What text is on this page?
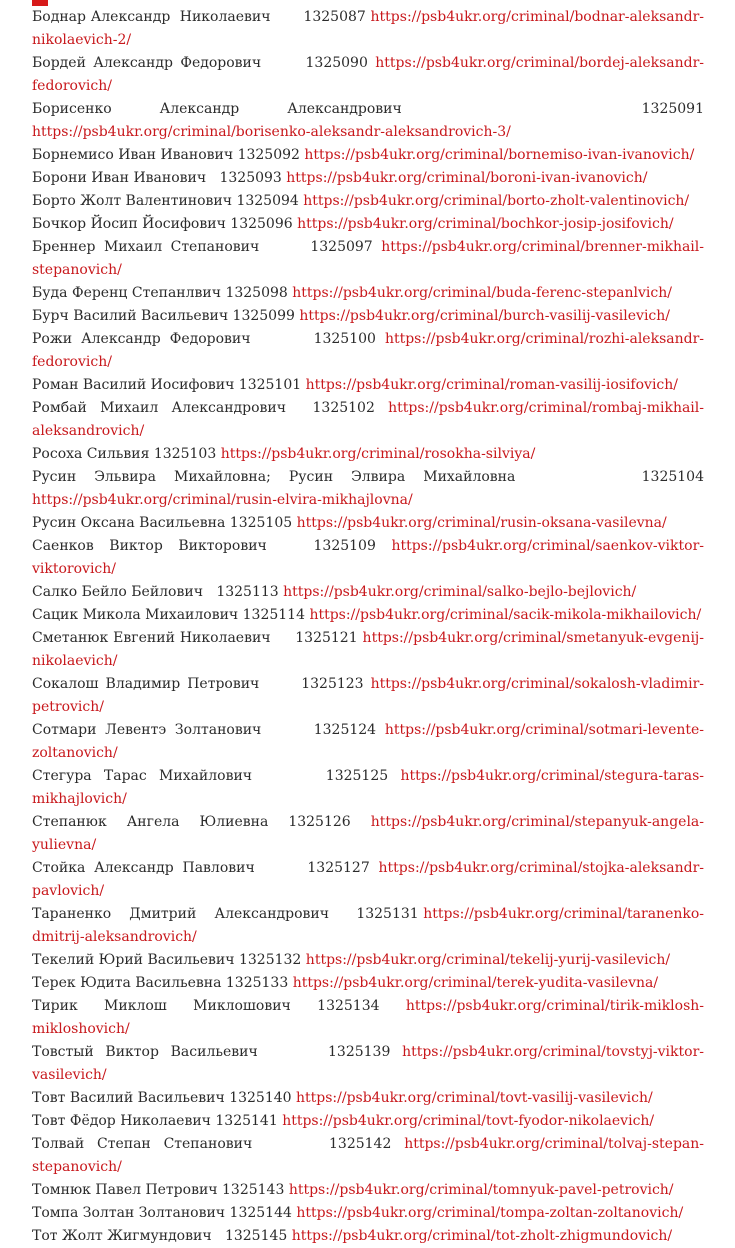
Боднар Александр  Николаевич 1325087 https://psb4ukr.org/criminal/bodnar-aleksandr-nikolaevich-2/

Бордей Александр Федорович	1325090 https://psb4ukr.org/criminal/bordej-aleksandr-fedorovich/

Борисенко  Александр  Александрович	1325091 https://psb4ukr.org/criminal/borisenko-aleksandr-aleksandrovich-3/

Борнемисо Иван Иванович 1325092 https://psb4ukr.org/criminal/bornemiso-ivan-ivanovich/

Борони Иван Иванович 1325093 https://psb4ukr.org/criminal/boroni-ivan-ivanovich/

Борто Жолт Валентинович 1325094 https://psb4ukr.org/criminal/borto-zholt-valentinovich/

Бочкор Йосип Йосифович 1325096 https://psb4ukr.org/criminal/bochkor-josip-josifovich/

Бреннер Михаил Степанович	1325097 https://psb4ukr.org/criminal/brenner-mikhail-stepanovich/

Буда Ференц Степанлвич 1325098 https://psb4ukr.org/criminal/buda-ferenc-stepanlvich/

Бурч Василий Васильевич 1325099 https://psb4ukr.org/criminal/burch-vasilij-vasilevich/

Рожи Александр Федорович	1325100 https://psb4ukr.org/criminal/rozhi-aleksandr-fedorovich/

Роман Василий Иосифович 1325101 https://psb4ukr.org/criminal/roman-vasilij-iosifovich/

Ромбай Михаил Александрович 1325102 https://psb4ukr.org/criminal/rombaj-mikhail-aleksandrovich/

Росоха Сильвия 1325103 https://psb4ukr.org/criminal/rosokha-silviya/

Русин Эльвира Михайловна; Русин Элвира Михайловна	1325104 https://psb4ukr.org/criminal/rusin-elvira-mikhajlovna/

Русин Оксана Васильевна 1325105 https://psb4ukr.org/criminal/rusin-oksana-vasilevna/

Саенков Виктор Викторович	1325109 https://psb4ukr.org/criminal/saenkov-viktor-viktorovich/

Салко Бейло Бейлович 1325113 https://psb4ukr.org/criminal/salko-bejlo-bejlovich/

Сацик Микола Михаилович 1325114 https://psb4ukr.org/criminal/sacik-mikola-mikhailovich/

Сметанюк Евгений Николаевич 1325121 https://psb4ukr.org/criminal/smetanyuk-evgenij-nikolaevich/

Сокалош Владимир Петрович	1325123 https://psb4ukr.org/criminal/sokalosh-vladimir-petrovich/

Сотмари Левентэ Золтанович	1325124 https://psb4ukr.org/criminal/sotmari-levente-zoltanovich/

Стегура Тарас Михайлович	1325125 https://psb4ukr.org/criminal/stegura-taras-mikhajlovich/

Степанюк Ангела Юлиевна 1325126 https://psb4ukr.org/criminal/stepanyuk-angela-yulievna/

Стойка Александр Павлович	1325127 https://psb4ukr.org/criminal/stojka-aleksandr-pavlovich/

Тараненко    Дмитрий    Александрович 1325131 https://psb4ukr.org/criminal/taranenko-dmitrij-aleksandrovich/

Текелий Юрий Васильевич 1325132 https://psb4ukr.org/criminal/tekelij-yurij-vasilevich/

Терек Юдита Васильевна 1325133 https://psb4ukr.org/criminal/terek-yudita-vasilevna/

Тирик Миклош Миклошович 1325134 https://psb4ukr.org/criminal/tirik-miklosh-mikloshovich/

Товстый Виктор Васильевич	1325139 https://psb4ukr.org/criminal/tovstyj-viktor-vasilevich/

Товт Василий Васильевич 1325140 https://psb4ukr.org/criminal/tovt-vasilij-vasilevich/

Товт Фёдор Николаевич 1325141 https://psb4ukr.org/criminal/tovt-fyodor-nikolaevich/

Толвай Степан Степанович	1325142 https://psb4ukr.org/criminal/tolvaj-stepan-stepanovich/

Томнюк Павел Петрович 1325143 https://psb4ukr.org/criminal/tomnyuk-pavel-petrovich/

Томпа Золтан Золтанович 1325144 https://psb4ukr.org/criminal/tompa-zoltan-zoltanovich/

Тот Жолт Жигмундович 1325145 https://psb4ukr.org/criminal/tot-zholt-zhigmundovich/
